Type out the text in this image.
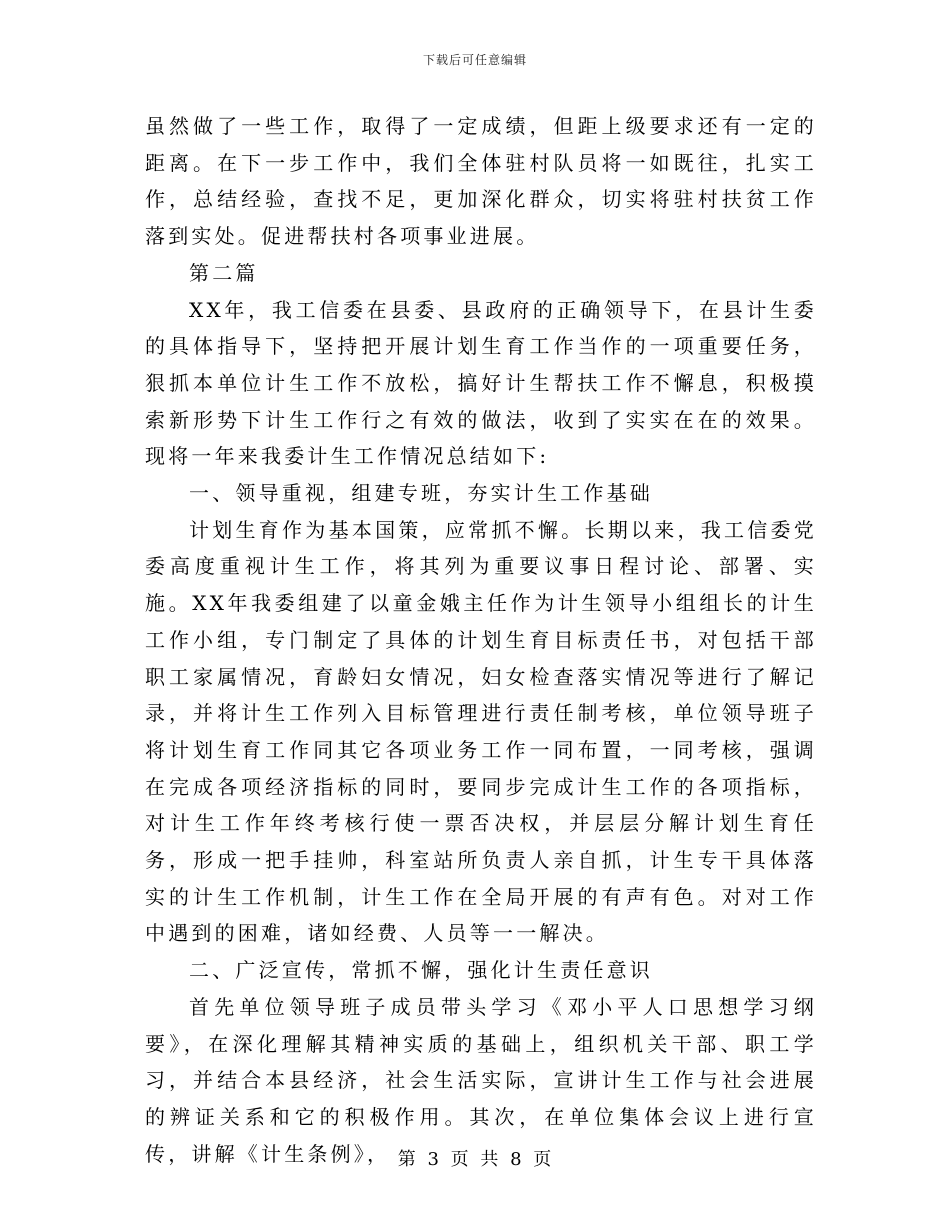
下载后可任意编辑

虽然做了一些工作，取得了一定成绩，但距上级要求还有一定的距离。在下一步工作中，我们全体驻村队员将一如既往，扎实工作，总结经验，查找不足，更加深化群众，切实将驻村扶贫工作落到实处。促进帮扶村各项事业进展。

第二篇

XX年，我工信委在县委、县政府的正确领导下，在县计生委的具体指导下，坚持把开展计划生育工作当作的一项重要任务，狠抓本单位计生工作不放松，搞好计生帮扶工作不懈息，积极摸索新形势下计生工作行之有效的做法，收到了实实在在的效果。现将一年来我委计生工作情况总结如下:

一、领导重视，组建专班，夯实计生工作基础

计划生育作为基本国策，应常抓不懈。长期以来，我工信委党委高度重视计生工作，将其列为重要议事日程讨论、部署、实施。XX年我委组建了以童金娥主任作为计生领导小组组长的计生工作小组，专门制定了具体的计划生育目标责任书，对包括干部职工家属情况，育龄妇女情况，妇女检查落实情况等进行了解记录，并将计生工作列入目标管理进行责任制考核，单位领导班子将计划生育工作同其它各项业务工作一同布置，一同考核，强调在完成各项经济指标的同时，要同步完成计生工作的各项指标，对计生工作年终考核行使一票否决权，并层层分解计划生育任务，形成一把手挂帅，科室站所负责人亲自抓，计生专干具体落实的计生工作机制，计生工作在全局开展的有声有色。对对工作中遇到的困难，诸如经费、人员等一一解决。

二、广泛宣传，常抓不懈，强化计生责任意识

首先单位领导班子成员带头学习《邓小平人口思想学习纲要》，在深化理解其精神实质的基础上，组织机关干部、职工学习，并结合本县经济，社会生活实际，宣讲计生工作与社会进展的辨证关系和它的积极作用。其次，在单位集体会议上进行宣传，讲解《计生条例》， 第 3 页 共 8 页
